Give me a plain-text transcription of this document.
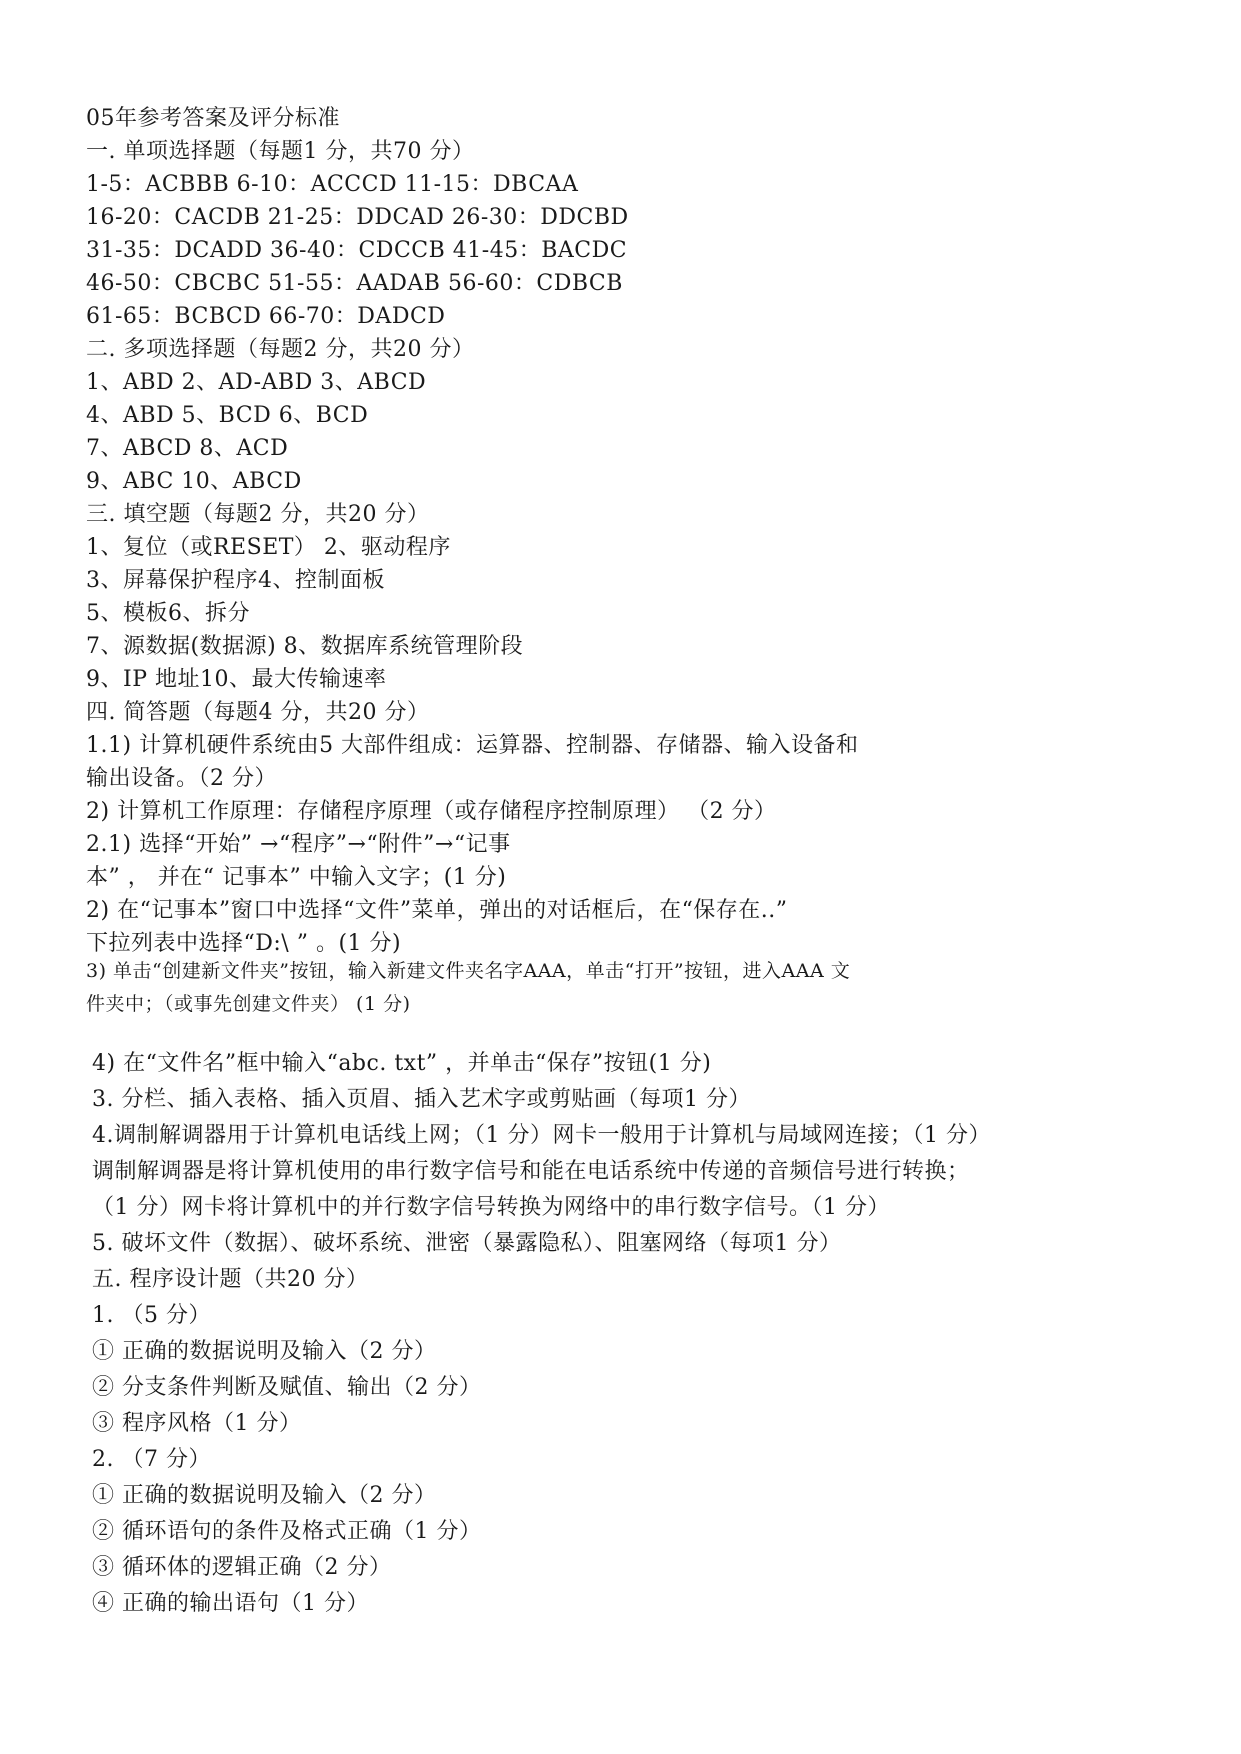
05年参考答案及评分标准
一. 单项选择题（每题1 分，共70 分）
1-5：ACBBB 6-10：ACCCD 11-15：DBCAA
16-20：CACDB 21-25：DDCAD 26-30：DDCBD
31-35：DCADD 36-40：CDCCB 41-45：BACDC
46-50：CBCBC 51-55：AADAB 56-60：CDBCB
61-65：BCBCD 66-70：DADCD
二. 多项选择题（每题2 分，共20 分）
1、ABD 2、AD-ABD 3、ABCD
4、ABD 5、BCD 6、BCD
7、ABCD 8、ACD
9、ABC 10、ABCD
三. 填空题（每题2 分，共20 分）
1、复位（或RESET） 2、驱动程序
3、屏幕保护程序4、控制面板
5、模板6、拆分
7、源数据(数据源) 8、数据库系统管理阶段
9、IP 地址10、最大传输速率
四. 简答题（每题4 分，共20 分）
1.1) 计算机硬件系统由5 大部件组成：运算器、控制器、存储器、输入设备和
输出设备。（2 分）
2) 计算机工作原理：存储程序原理（或存储程序控制原理） （2 分）
2.1) 选择“开始” →“程序”→“附件”→“记事
本” ， 并在“ 记事本” 中输入文字；(1 分)
2) 在“记事本”窗口中选择“文件”菜单，弹出的对话框后，在“保存在..”
下拉列表中选择“D:\ ” 。(1 分)
3) 单击“创建新文件夹”按钮，输入新建文件夹名字AAA，单击“打开”按钮，进入AAA 文
件夹中；（或事先创建文件夹） (1 分)
4) 在“文件名”框中输入“abc. txt” ，并单击“保存”按钮(1 分)
3. 分栏、插入表格、插入页眉、插入艺术字或剪贴画（每项1 分）
4.调制解调器用于计算机电话线上网；（1 分）网卡一般用于计算机与局域网连接；（1 分）
调制解调器是将计算机使用的串行数字信号和能在电话系统中传递的音频信号进行转换；
（1 分）网卡将计算机中的并行数字信号转换为网络中的串行数字信号。（1 分）
5. 破坏文件（数据）、破坏系统、泄密（暴露隐私）、阻塞网络（每项1 分）
五. 程序设计题（共20 分）
1. （5 分）
① 正确的数据说明及输入（2 分）
② 分支条件判断及赋值、输出（2 分）
③ 程序风格（1 分）
2. （7 分）
① 正确的数据说明及输入（2 分）
② 循环语句的条件及格式正确（1 分）
③ 循环体的逻辑正确（2 分）
④ 正确的输出语句（1 分）
